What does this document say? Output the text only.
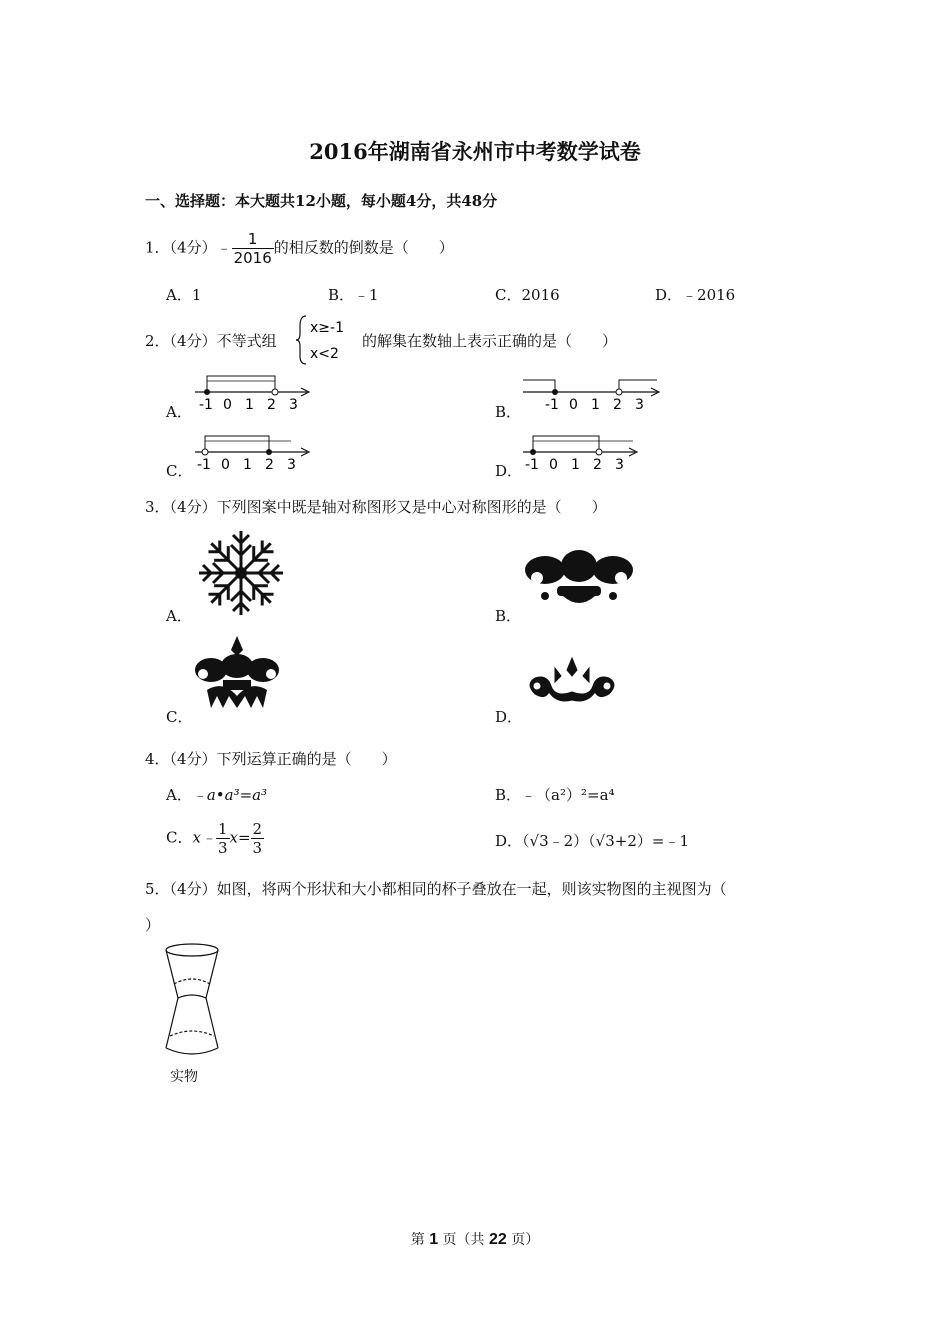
2016年湖南省永州市中考数学试卷
一、选择题：本大题共12小题，每小题4分，共48分
1．（4分）﹣ $\frac{1}{2016}$ 的相反数的倒数是（　　）
A．1	B．﹣1	C．2016	D．﹣2016
2．（4分）不等式组
x≥-1
x<2
的解集在数轴上表示正确的是（　　）
A．	B．
C．	D．
-1 0 1 2 3	-1 0 1 2 3
-1 0 1 2 3	-1 0 1 2 3
3．（4分）下列图案中既是轴对称图形又是中心对称图形的是（　　）
A．	B．
C．	D．
4．（4分）下列运算正确的是（　　）
A．﹣a•a³=a³	B．﹣（a²）²=a⁴
C．x﹣ $\frac{1}{3} x= \frac{2}{3}$	D．（√3﹣2）（√3+2）=﹣1
5．（4分）如图，将两个形状和大小都相同的杯子叠放在一起，则该实物图的主视图为（
）
实物
第 1 页（共 22 页）
